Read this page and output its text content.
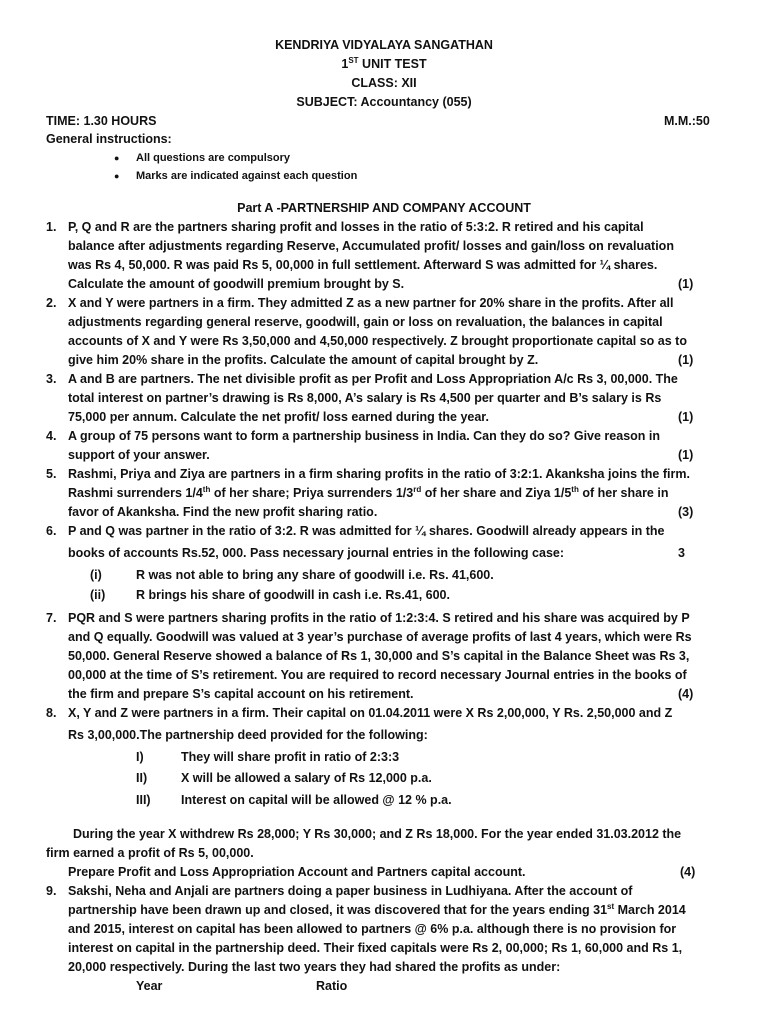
KENDRIYA VIDYALAYA SANGATHAN
1ST UNIT TEST
CLASS: XII
SUBJECT: Accountancy (055)
TIME: 1.30 HOURS	M.M.:50
General instructions:
● All questions are compulsory
● Marks are indicated against each question
Part A -PARTNERSHIP AND COMPANY ACCOUNT
1. P, Q and R are the partners sharing profit and losses in the ratio of 5:3:2. R retired and his capital
balance after adjustments regarding Reserve, Accumulated profit/ losses and gain/loss on revaluation
was Rs 4, 50,000. R was paid Rs 5, 00,000 in full settlement. Afterward S was admitted for ¼ shares.
Calculate the amount of goodwill premium brought by S.	(1)
2. X and Y were partners in a firm. They admitted Z as a new partner for 20% share in the profits. After all
adjustments regarding general reserve, goodwill, gain or loss on revaluation, the balances in capital
accounts of X and Y were Rs 3,50,000 and 4,50,000 respectively. Z brought proportionate capital so as to
give him 20% share in the profits. Calculate the amount of capital brought by Z.	(1)
3. A and B are partners. The net divisible profit as per Profit and Loss Appropriation A/c Rs 3, 00,000. The
total interest on partner’s drawing is Rs 8,000, A’s salary is Rs 4,500 per quarter and B’s salary is Rs
75,000 per annum. Calculate the net profit/ loss earned during the year.	(1)
4. A group of 75 persons want to form a partnership business in India. Can they do so? Give reason in
support of your answer.	(1)
5. Rashmi, Priya and Ziya are partners in a firm sharing profits in the ratio of 3:2:1. Akanksha joins the firm.
Rashmi surrenders 1/4th of her share; Priya surrenders 1/3rd of her share and Ziya 1/5th of her share in
favor of Akanksha. Find the new profit sharing ratio.	(3)
6. P and Q was partner in the ratio of 3:2. R was admitted for ¼ shares. Goodwill already appears in the
books of accounts Rs.52, 000. Pass necessary journal entries in the following case:	3
(i)	R was not able to bring any share of goodwill i.e. Rs. 41,600.
(ii) R brings his share of goodwill in cash i.e. Rs.41, 600.
7. PQR and S were partners sharing profits in the ratio of 1:2:3:4. S retired and his share was acquired by P
and Q equally. Goodwill was valued at 3 year’s purchase of average profits of last 4 years, which were Rs
50,000. General Reserve showed a balance of Rs 1, 30,000 and S’s capital in the Balance Sheet was Rs 3,
00,000 at the time of S’s retirement. You are required to record necessary Journal entries in the books of
the firm and prepare S’s capital account on his retirement.	(4)
8. X, Y and Z were partners in a firm. Their capital on 01.04.2011 were X Rs 2,00,000, Y Rs. 2,50,000 and Z
Rs 3,00,000.The partnership deed provided for the following:
I)	They will share profit in ratio of 2:3:3
II)	X will be allowed a salary of Rs 12,000 p.a.
III) Interest on capital will be allowed @ 12 % p.a.
During the year X withdrew Rs 28,000; Y Rs 30,000; and Z Rs 18,000. For the year ended 31.03.2012 the
firm earned a profit of Rs 5, 00,000.
Prepare Profit and Loss Appropriation Account and Partners capital account.	(4)
9. Sakshi, Neha and Anjali are partners doing a paper business in Ludhiyana. After the account of
partnership have been drawn up and closed, it was discovered that for the years ending 31st March 2014
and 2015, interest on capital has been allowed to partners @ 6% p.a. although there is no provision for
interest on capital in the partnership deed. Their fixed capitals were Rs 2, 00,000; Rs 1, 60,000 and Rs 1,
20,000 respectively. During the last two years they had shared the profits as under:
Year	Ratio
